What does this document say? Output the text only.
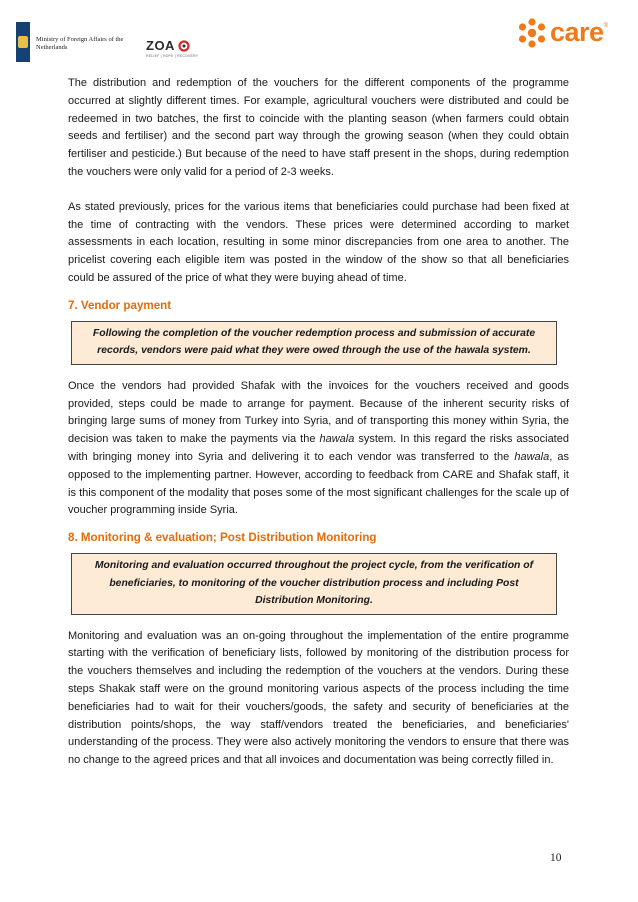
Ministry of Foreign Affairs of the
Netherlands	ZOA
RELIEF | HOPE | RECOVERY
care ®

The distribution and redemption of the vouchers for the different components of the programme occurred at slightly different times. For example, agricultural vouchers were distributed and could be redeemed in two batches, the first to coincide with the planting season (when farmers could obtain seeds and fertiliser) and the second part way through the growing season (when they could obtain fertiliser and pesticide.) But because of the need to have staff present in the shops, during redemption the vouchers were only valid for a period of 2-3 weeks.

As stated previously, prices for the various items that beneficiaries could purchase had been fixed at the time of contracting with the vendors. These prices were determined according to market assessments in each location, resulting in some minor discrepancies from one area to another. The pricelist covering each eligible item was posted in the window of the show so that all beneficiaries could be assured of the price of what they were buying ahead of time.

7. Vendor payment
Following the completion of the voucher redemption process and submission of accurate records, vendors were paid what they were owed through the use of the hawala system.

Once the vendors had provided Shafak with the invoices for the vouchers received and goods provided, steps could be made to arrange for payment. Because of the inherent security risks of bringing large sums of money from Turkey into Syria, and of transporting this money within Syria, the decision was taken to make the payments via the hawala system. In this regard the risks associated with bringing money into Syria and delivering it to each vendor was transferred to the hawala, as opposed to the implementing partner. However, according to feedback from CARE and Shafak staff, it is this component of the modality that poses some of the most significant challenges for the scale up of voucher programming inside Syria.

8. Monitoring & evaluation; Post Distribution Monitoring
Monitoring and evaluation occurred throughout the project cycle, from the verification of beneficiaries, to monitoring of the voucher distribution process and including Post Distribution Monitoring.

Monitoring and evaluation was an on-going throughout the implementation of the entire programme starting with the verification of beneficiary lists, followed by monitoring of the distribution process for the vouchers themselves and including the redemption of the vouchers at the vendors. During these steps Shakak staff were on the ground monitoring various aspects of the process including the time beneficiaries had to wait for their vouchers/goods, the safety and security of beneficiaries at the distribution points/shops, the way staff/vendors treated the beneficiaries, and beneficiaries' understanding of the process. They were also actively monitoring the vendors to ensure that there was no change to the agreed prices and that all invoices and documentation was being correctly filled in.

10
